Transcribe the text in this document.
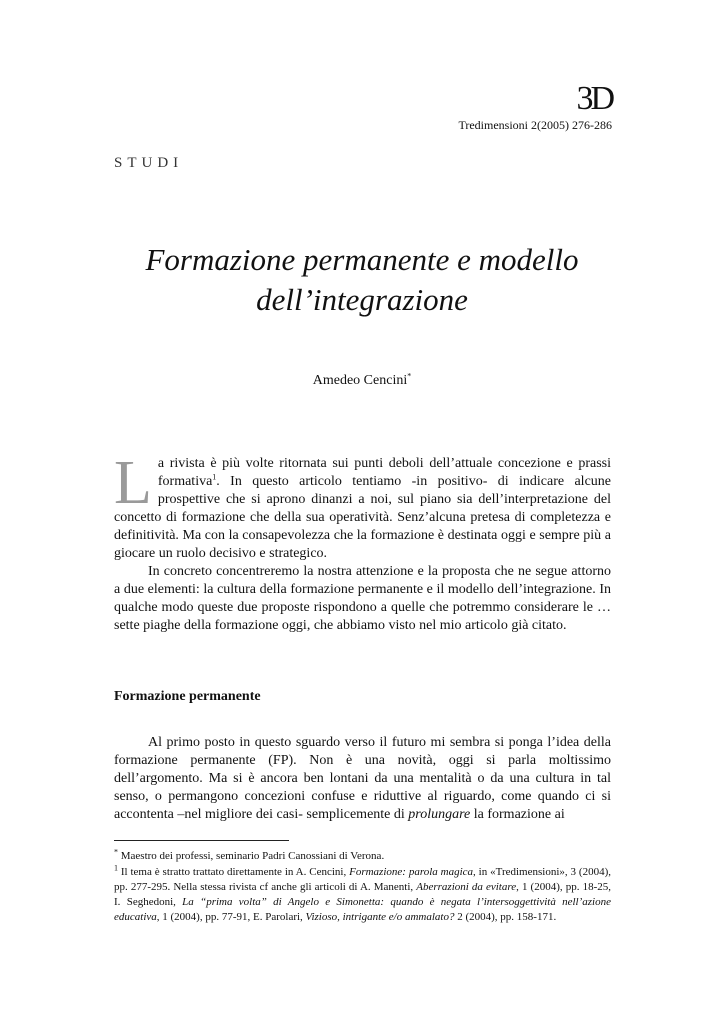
3D
Tredimensioni 2(2005) 276-286
STUDI
Formazione permanente e modello dell’integrazione
Amedeo Cencini*

La rivista è più volte ritornata sui punti deboli dell’attuale concezione e prassi formativa$^1$. In questo articolo tentiamo -in positivo- di indicare alcune prospettive che si aprono dinanzi a noi, sul piano sia dell’interpretazione del concetto di formazione che della sua operatività. Senz’alcuna pretesa di completezza e definitività. Ma con la consapevolezza che la formazione è destinata oggi e sempre più a giocare un ruolo decisivo e strategico.

In concreto concentreremo la nostra attenzione e la proposta che ne segue attorno a due elementi: la cultura della formazione permanente e il modello dell’integrazione. In qualche modo queste due proposte rispondono a quelle che potremmo considerare le …sette piaghe della formazione oggi, che abbiamo visto nel mio articolo già citato.

Formazione permanente

Al primo posto in questo sguardo verso il futuro mi sembra si ponga l’idea della formazione permanente (FP). Non è una novità, oggi si parla moltissimo dell’argomento. Ma si è ancora ben lontani da una mentalità o da una cultura in tal senso, o permangono concezioni confuse e riduttive al riguardo, come quando ci si accontenta –nel migliore dei casi- semplicemente di prolungare la formazione ai

* Maestro dei professi, seminario Padri Canossiani di Verona.

$^1$ Il tema è stratto trattato direttamente in A. Cencini, Formazione: parola magica, in «Tredimensioni», 3 (2004), pp. 277-295. Nella stessa rivista cf anche gli articoli di A. Manenti, Aberrazioni da evitare, 1 (2004), pp. 18-25, I. Seghedoni, La “prima volta” di Angelo e Simonetta: quando è negata l’intersoggettività nell’azione educativa, 1 (2004), pp. 77-91, E. Parolari, Vizioso, intrigante e/o ammalato? 2 (2004), pp. 158-171.
